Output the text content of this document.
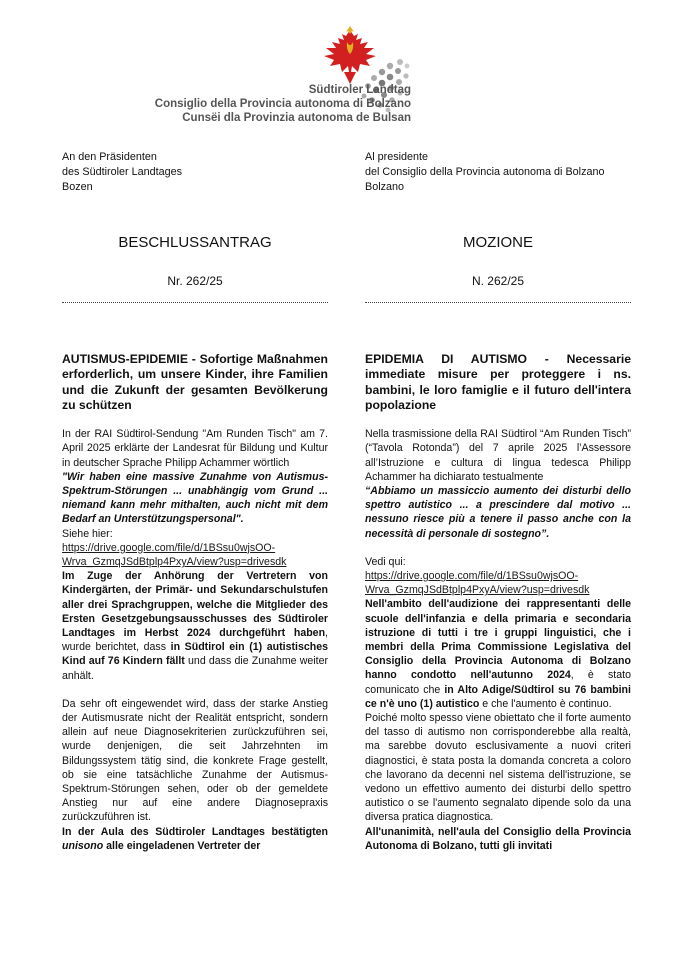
Südtiroler Landtag
Consiglio della Provincia autonoma di Bolzano
Cunsëi dla Provinzia autonoma de Bulsan
An den Präsidenten
des Südtiroler Landtages
Bozen
Al presidente
del Consiglio della Provincia autonoma di Bolzano
Bolzano
BESCHLUSSANTRAG	MOZIONE
Nr. 262/25	N. 262/25

AUTISMUS-EPIDEMIE - Sofortige Maßnahmen erforderlich, um unsere Kinder, ihre Familien und die Zukunft der gesamten Bevölkerung zu schützen

In der RAI Südtirol-Sendung "Am Runden Tisch" am 7. April 2025 erklärte der Landesrat für Bildung und Kultur in deutscher Sprache Philipp Achammer wörtlich

"Wir haben eine massive Zunahme von Autismus-Spektrum-Störungen ... unabhängig vom Grund ... niemand kann mehr mithalten, auch nicht mit dem Bedarf an Unterstützungspersonal".

Siehe hier:

https://drive.google.com/file/d/1BSsu0wjsOO-
Wrva_GzmqJSdBtplp4PxyA/view?usp=drivesdk

Im Zuge der Anhörung der Vertretern von Kindergärten, der Primär- und Sekundarschulstufen aller drei Sprachgruppen, welche die Mitglieder des Ersten Gesetzgebungsausschusses des Südtiroler Landtages im Herbst 2024 durchgeführt haben, wurde berichtet, dass in Südtirol ein (1) autistisches Kind auf 76 Kindern fällt und dass die Zunahme weiter anhält.

Da sehr oft eingewendet wird, dass der starke Anstieg der Autismusrate nicht der Realität entspricht, sondern allein auf neue Diagnosekriterien zurückzuführen sei, wurde denjenigen, die seit Jahrzehnten im Bildungssystem tätig sind, die konkrete Frage gestellt, ob sie eine tatsächliche Zunahme der Autismus-Spektrum-Störungen sehen, oder ob der gemeldete Anstieg nur auf eine andere Diagnosepraxis zurückzuführen ist.

In der Aula des Südtiroler Landtages bestätigten unisono alle eingeladenen Vertreter der

EPIDEMIA DI AUTISMO - Necessarie immediate misure per proteggere i ns. bambini, le loro famiglie e il futuro dell'intera popolazione

Nella trasmissione della RAI Südtirol “Am Runden Tisch” (“Tavola Rotonda”) del 7 aprile 2025 l’Assessore all’Istruzione e cultura di lingua tedesca Philipp Achammer ha dichiarato testualmente

“Abbiamo un massiccio aumento dei disturbi dello spettro autistico ... a prescindere dal motivo ... nessuno riesce più a tenere il passo anche con la necessità di personale di sostegno”.

Vedi qui:

https://drive.google.com/file/d/1BSsu0wjsOO-
Wrva_GzmqJSdBtplp4PxyA/view?usp=drivesdk

Nell'ambito dell'audizione dei rappresentanti delle scuole dell'infanzia e della primaria e secondaria istruzione di tutti i tre i gruppi linguistici, che i membri della Prima Commissione Legislativa del Consiglio della Provincia Autonoma di Bolzano hanno condotto nell'autunno 2024, è stato comunicato che in Alto Adige/Südtirol su 76 bambini ce n'è uno (1) autistico e che l'aumento è continuo.

Poiché molto spesso viene obiettato che il forte aumento del tasso di autismo non corrisponderebbe alla realtà, ma sarebbe dovuto esclusivamente a nuovi criteri diagnostici, è stata posta la domanda concreta a coloro che lavorano da decenni nel sistema dell'istruzione, se vedono un effettivo aumento dei disturbi dello spettro autistico o se l'aumento segnalato dipende solo da una diversa pratica diagnostica.

All'unanimità, nell'aula del Consiglio della Provincia Autonoma di Bolzano, tutti gli invitati
